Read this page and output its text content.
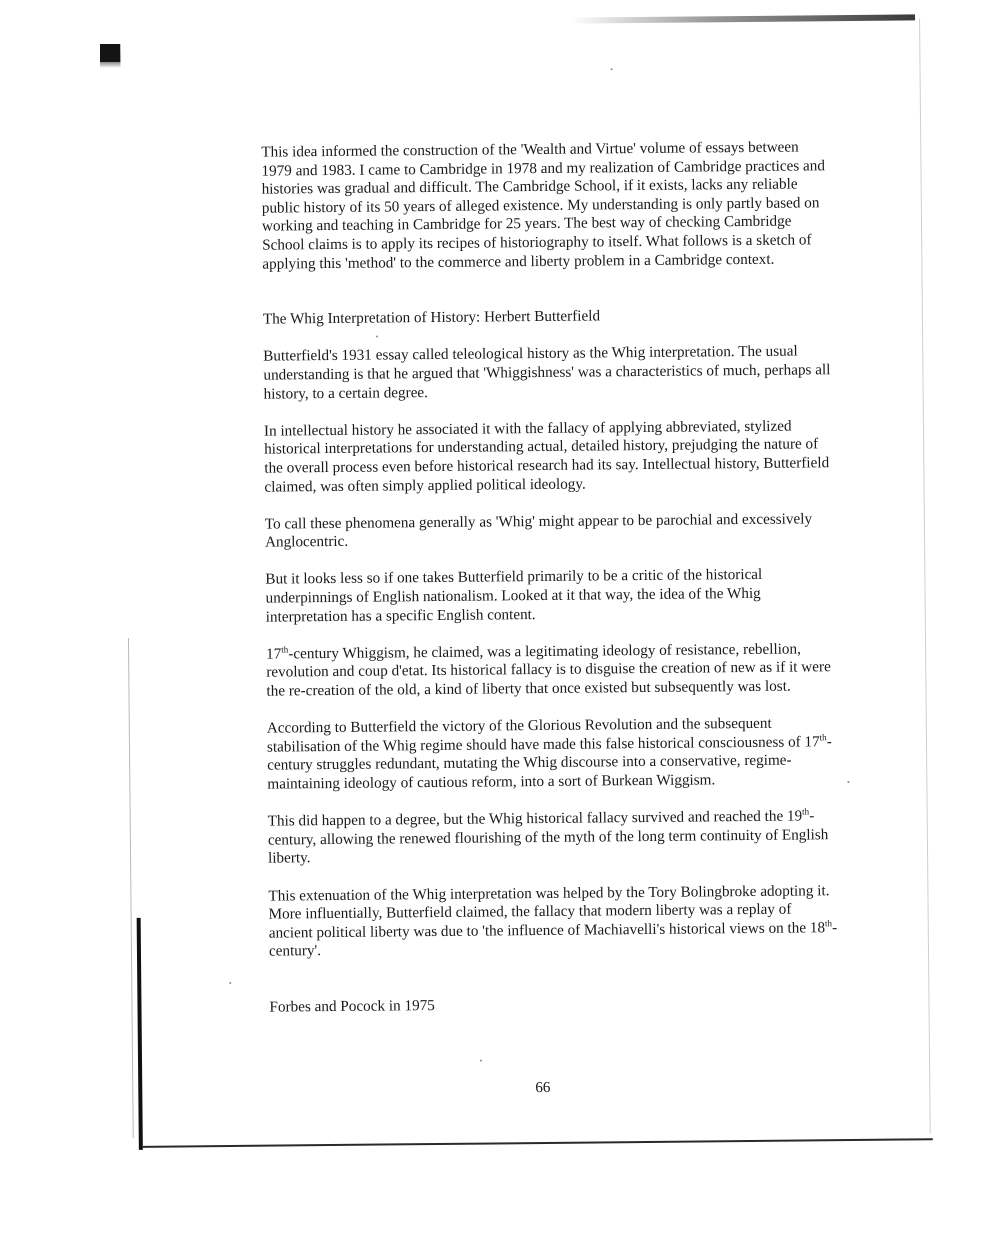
This idea informed the construction of the 'Wealth and Virtue' volume of essays between 1979 and 1983. I came to Cambridge in 1978 and my realization of Cambridge practices and histories was gradual and difficult. The Cambridge School, if it exists, lacks any reliable public history of its 50 years of alleged existence. My understanding is only partly based on working and teaching in Cambridge for 25 years. The best way of checking Cambridge School claims is to apply its recipes of historiography to itself. What follows is a sketch of applying this 'method' to the commerce and liberty problem in a Cambridge context.

The Whig Interpretation of History: Herbert Butterfield

Butterfield's 1931 essay called teleological history as the Whig interpretation. The usual understanding is that he argued that 'Whiggishness' was a characteristics of much, perhaps all history, to a certain degree.

In intellectual history he associated it with the fallacy of applying abbreviated, stylized historical interpretations for understanding actual, detailed history, prejudging the nature of the overall process even before historical research had its say. Intellectual history, Butterfield claimed, was often simply applied political ideology.

To call these phenomena generally as 'Whig' might appear to be parochial and excessively Anglocentric.

But it looks less so if one takes Butterfield primarily to be a critic of the historical underpinnings of English nationalism. Looked at it that way, the idea of the Whig interpretation has a specific English content.

17th-century Whiggism, he claimed, was a legitimating ideology of resistance, rebellion, revolution and coup d'etat. Its historical fallacy is to disguise the creation of new as if it were the re-creation of the old, a kind of liberty that once existed but subsequently was lost.

According to Butterfield the victory of the Glorious Revolution and the subsequent stabilisation of the Whig regime should have made this false historical consciousness of 17th-century struggles redundant, mutating the Whig discourse into a conservative, regime-maintaining ideology of cautious reform, into a sort of Burkean Wiggism.

This did happen to a degree, but the Whig historical fallacy survived and reached the 19th-century, allowing the renewed flourishing of the myth of the long term continuity of English liberty.

This extenuation of the Whig interpretation was helped by the Tory Bolingbroke adopting it. More influentially, Butterfield claimed, the fallacy that modern liberty was a replay of ancient political liberty was due to 'the influence of Machiavelli's historical views on the 18th-century'.

Forbes and Pocock in 1975

66
